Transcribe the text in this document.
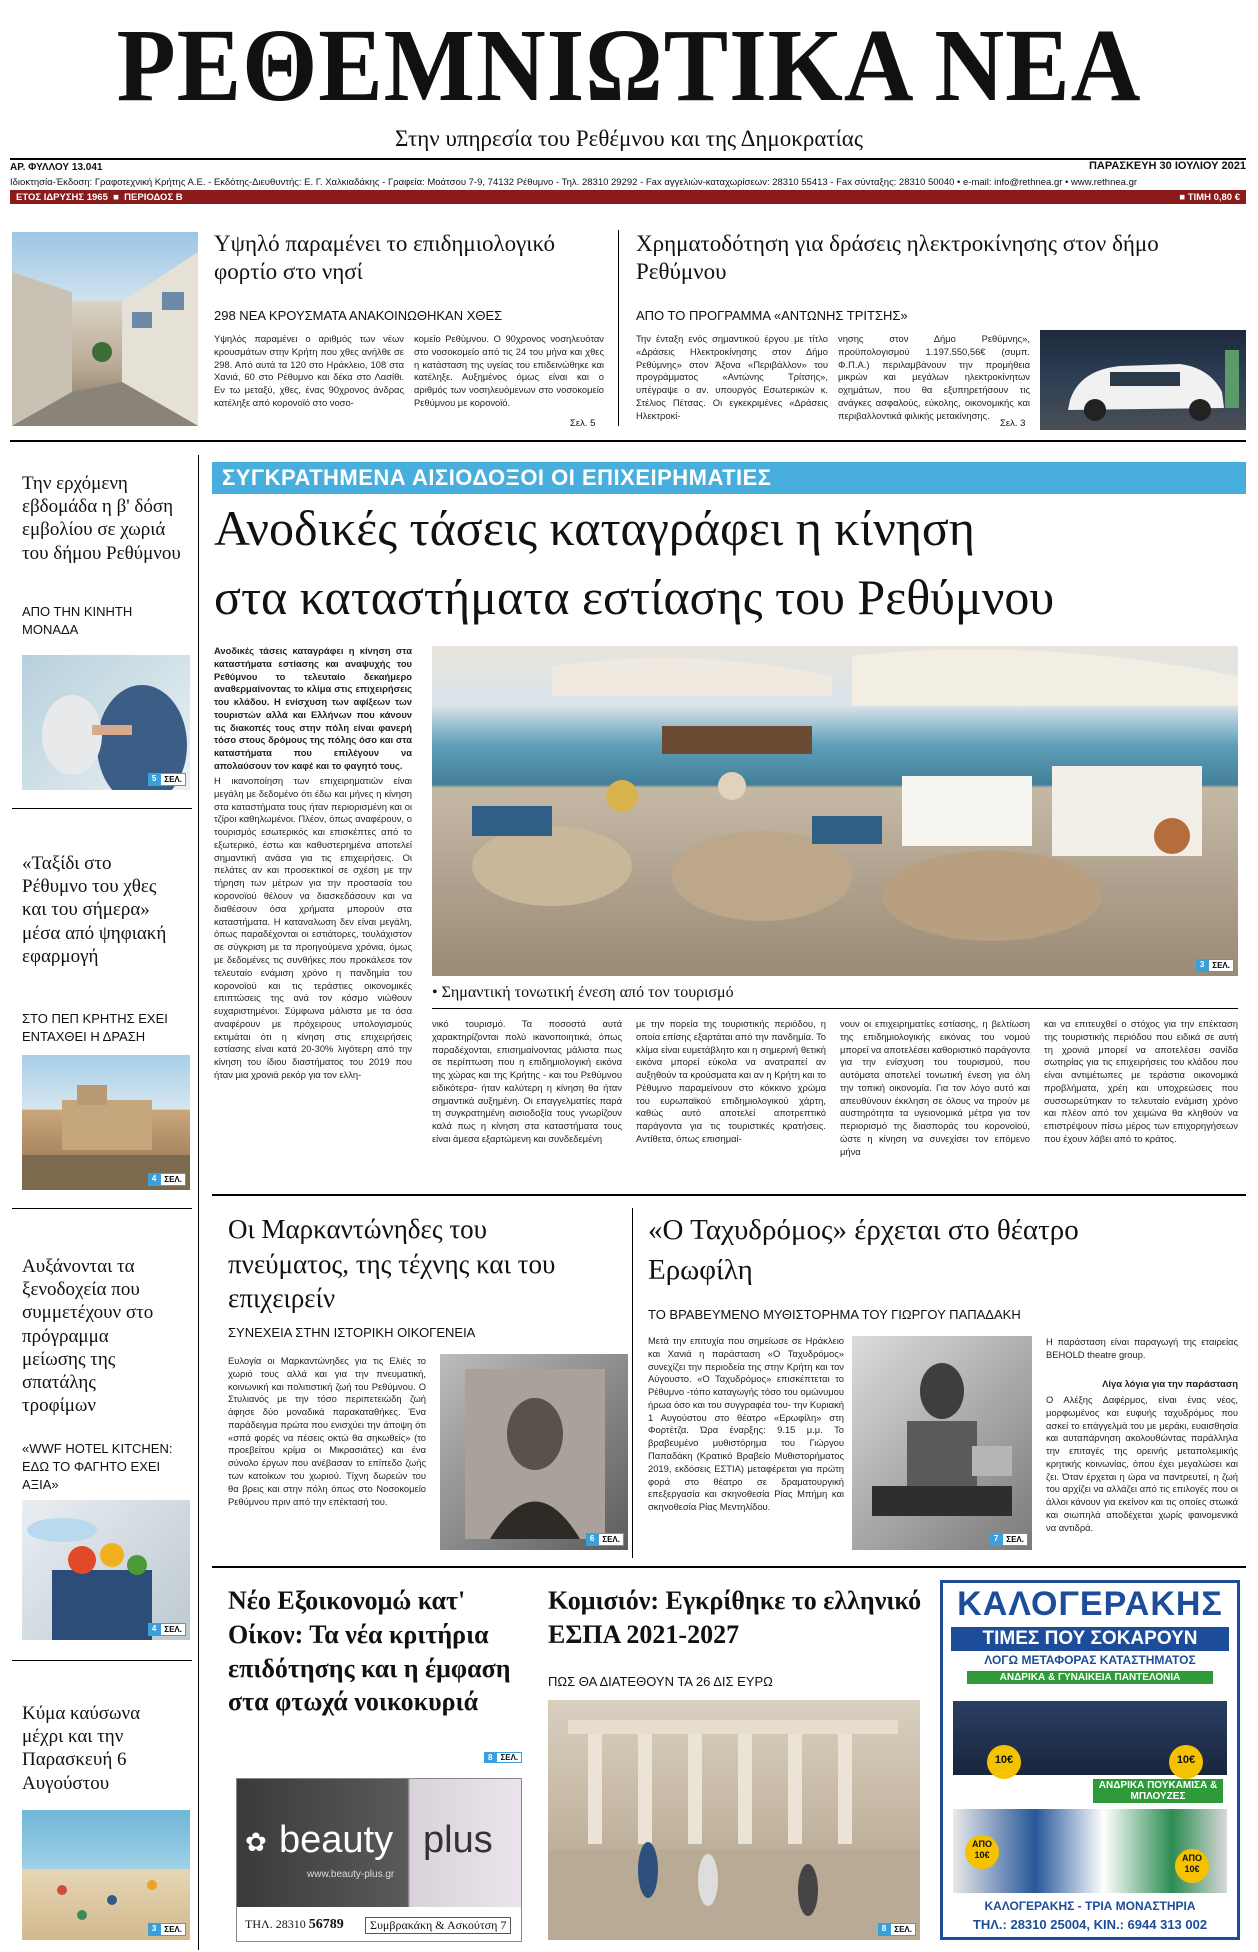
ΡΕΘΕΜΝΙΩΤΙΚΑ ΝΕΑ
Στην υπηρεσία του Ρεθέμνου και της Δημοκρατίας
ΑΡ. ΦΥΛΛΟΥ 13.041	ΠΑΡΑΣΚΕΥΗ 30 ΙΟΥΛΙΟΥ 2021
Ιδιοκτησία-Έκδοση: Γραφοτεχνική Κρήτης Α.Ε. - Εκδότης-Διευθυντής: Ε. Γ. Χαλκιαδάκης - Γραφεία: Μοάτσου 7-9, 74132 Ρέθυμνο - Τηλ. 28310 29292 - Fax αγγελιών-καταχωρίσεων: 28310 55413 - Fax σύνταξης: 28310 50040 • e-mail: info@rethnea.gr • www.rethnea.gr
ΕΤΟΣ ΙΔΡΥΣΗΣ 1965  ■  ΠΕΡΙΟΔΟΣ Β	■ ΤΙΜΗ 0,80 €
Υψηλό παραμένει το επιδημιολογικό φορτίο στο νησί
298 ΝΕΑ ΚΡΟΥΣΜΑΤΑ ΑΝΑΚΟΙΝΩΘΗΚΑΝ ΧΘΕΣ
Υψηλός παραμένει ο αριθμός των νέων κρουσμάτων στην Κρήτη που χθες ανήλθε σε 298. Από αυτά τα 120 στο Ηράκλειο, 108 στα Χανιά, 60 στο Ρέθυμνο και δέκα στο Λασίθι. Εν τω μεταξύ, χθες, ένας 90χρονος άνδρας κατέληξε από κορονοϊό στο νοσο-
κομείο Ρεθύμνου. Ο 90χρονος νοσηλευόταν στο νοσοκομείο από τις 24 του μήνα και χθες η κατάσταση της υγείας του επιδεινώθηκε και κατέληξε. Αυξημένος όμως είναι και ο αριθμός των νοσηλευόμενων στο νοσοκομείο Ρεθύμνου με κορονοϊό.
Σελ. 5
Χρηματοδότηση για δράσεις ηλεκτροκίνησης στον δήμο Ρεθύμνου
ΑΠΟ ΤΟ ΠΡΟΓΡΑΜΜΑ «ΑΝΤΩΝΗΣ ΤΡΙΤΣΗΣ»
Την ένταξη ενός σημαντικού έργου με τίτλο «Δράσεις Ηλεκτροκίνησης στον Δήμο Ρεθύμνης» στον Άξονα «Περιβάλλον» του προγράμματος «Αντώνης Τρίτσης», υπέγραψε ο αν. υπουργός Εσωτερικών κ. Στέλιος Πέτσας. Οι εγκεκριμένες «Δράσεις Ηλεκτροκί-
νησης στον Δήμο Ρεθύμνης», προϋπολογισμού 1.197.550,56€ (συμπ. Φ.Π.Α.) περιλαμβάνουν την προμήθεια μικρών και μεγάλων ηλεκτροκίνητων οχημάτων, που θα εξυπηρετήσουν τις ανάγκες ασφαλούς, εύκολης, οικονομικής και περιβαλλοντικά φιλικής μετακίνησης.
Σελ. 3
Την ερχόμενη εβδομάδα η β' δόση εμβολίου σε χωριά του δήμου Ρεθύμνου
ΑΠΟ ΤΗΝ ΚΙΝΗΤΗ ΜΟΝΑΔΑ
5	ΣΕΛ.
«Ταξίδι στο Ρέθυμνο του χθες και του σήμερα» μέσα από ψηφιακή εφαρμογή
ΣΤΟ ΠΕΠ ΚΡΗΤΗΣ ΕΧΕΙ ΕΝΤΑΧΘΕΙ Η ΔΡΑΣΗ
4	ΣΕΛ.
Αυξάνονται τα ξενοδοχεία που συμμετέχουν στο πρόγραμμα μείωσης της σπατάλης τροφίμων
«WWF HOTEL KITCHEN: ΕΔΩ ΤΟ ΦΑΓΗΤΟ ΕΧΕΙ ΑΞΙΑ»
4	ΣΕΛ.
Κύμα καύσωνα μέχρι και την Παρασκευή 6 Αυγούστου
3	ΣΕΛ.
ΣΥΓΚΡΑΤΗΜΕΝΑ ΑΙΣΙΟΔΟΞΟΙ ΟΙ ΕΠΙΧΕΙΡΗΜΑΤΙΕΣ
Ανοδικές τάσεις καταγράφει η κίνηση
στα καταστήματα εστίασης του Ρεθύμνου
Ανοδικές τάσεις καταγράφει η κίνηση στα καταστήματα εστίασης και αναψυχής του Ρεθύμνου το τελευταίο δεκαήμερο αναθερμαίνοντας το κλίμα στις επιχειρήσεις του κλάδου. Η ενίσχυση των αφίξεων των τουριστών αλλά και Ελλήνων που κάνουν τις διακοπές τους στην πόλη είναι φανερή τόσο στους δρόμους της πόλης όσο και στα καταστήματα που επιλέγουν να απολαύσουν τον καφέ και το φαγητό τους.
Η ικανοποίηση των επιχειρηματιών είναι μεγάλη με δεδομένο ότι έδω και μήνες η κίνηση στα καταστήματα τους ήταν περιορισμένη και οι τζίροι καθηλωμένοι. Πλέον, όπως αναφέρουν, ο τουρισμός εσωτερικός και επισκέπτες από το εξωτερικό, έστω και καθυστερημένα αποτελεί σημαντική ανάσα για τις επιχειρήσεις. Οι πελάτες αν και προσεκτικοί σε σχέση με την τήρηση των μέτρων για την προστασία του κορονοϊού θέλουν να διασκεδάσουν και να διαθέσουν όσα χρήματα μπορούν στα καταστήματα. Η καταναλωση δεν είναι μεγάλη, όπως παραδέχονται οι εστιάτορες, τουλάχιστον σε σύγκριση με τα προηγούμενα χρόνια, όμως με δεδομένες τις συνθήκες που προκάλεσε τον τελευταίο ενάμιση χρόνο η πανδημία του κορονοϊού και τις τεράστιες οικονομικές επιπτώσεις της ανά τον κόσμο νιώθουν ευχαριστημένοι. Σύμφωνα μάλιστα με τα όσα αναφέρουν με πρόχειρους υπολογισμούς εκτιμάται ότι η κίνηση στις επιχειρήσεις εστίασης είναι κατά 20-30% λιγότερη από την κίνηση του ίδιου διαστήματος του 2019 που ήταν μια χρονιά ρεκόρ για τον ελλη-
3	ΣΕΛ.
• Σημαντική τονωτική ένεση από τον τουρισμό
νικό τουρισμό. Τα ποσοστά αυτά χαρακτηρίζονται πολύ ικανοποιητικά, όπως παραδέχονται, επισημαίνοντας μάλιστα πως σε περίπτωση που η επιδημιολογική εικόνα της χώρας και της Κρήτης - και του Ρεθύμνου ειδικότερα- ήταν καλύτερη η κίνηση θα ήταν σημαντικά αυξημένη. Οι επαγγελματίες παρά τη συγκρατημένη αισιοδοξία τους γνωρίζουν καλά πως η κίνηση στα καταστήματα τους είναι άμεσα εξαρτώμενη και συνδεδεμένη
με την πορεία της τουριστικής περιόδου, η οποία επίσης εξαρτάται από την πανδημία. Το κλίμα είναι ευμετάβλητο και η σημερινή θετική εικόνα μπορεί εύκολα να ανατραπεί αν αυξηθούν τα κρούσματα και αν η Κρήτη και το Ρέθυμνο παραμείνουν στο κόκκινο χρώμα του ευρωπαϊκού επιδημιολογικού χάρτη, καθώς αυτό αποτελεί αποτρεπτικό παράγοντα για τις τουριστικές κρατήσεις. Αντίθετα, όπως επισημαί-
νουν οι επιχειρηματίες εστίασης, η βελτίωση της επιδημιολογικής εικόνας του νομού μπορεί να αποτελέσει καθοριστικό παράγοντα για την ενίσχυση του τουρισμού, που αυτόματα αποτελεί τονωτική ένεση για όλη την τοπική οικονομία. Για τον λόγο αυτό και απευθύνουν έκκληση σε όλους να τηρούν με αυστηρότητα τα υγειονομικά μέτρα για τον περιορισμό της διασποράς του κορονοϊού, ώστε η κίνηση να συνεχίσει τον επόμενο μήνα
και να επιτευχθεί ο στόχος για την επέκταση της τουριστικής περιόδου που ειδικά σε αυτή τη χρονιά μπορεί να αποτελέσει σανίδα σωτηρίας για τις επιχειρήσεις του κλάδου που είναι αντιμέτωπες με τεράστια οικονομικά προβλήματα, χρέη και υποχρεώσεις που συσσωρεύτηκαν το τελευταίο ενάμιση χρόνο και πλέον από τον χειμώνα θα κληθούν να επιστρέψουν πίσω μέρος των επιχορηγήσεων που έχουν λάβει από το κράτος.
Οι Μαρκαντώνηδες του πνεύματος, της τέχνης και του επιχειρείν
ΣΥΝΕΧΕΙΑ ΣΤΗΝ ΙΣΤΟΡΙΚΗ ΟΙΚΟΓΕΝΕΙΑ
Ευλογία οι Μαρκαντώνηδες για τις Ελιές το χωριό τους αλλά και για την πνευματική, κοινωνική και πολιτιστική ζωή του Ρεθύμνου. Ο Στυλιανός με την τόσο περιπετειώδη ζωή άφησε δύο μοναδικά παρακαταθήκες. Ένα παράδειγμα πρώτα που ενισχύει την άποψη ότι «σπά φορές να πέσεις οκτώ θα σηκωθείς» (το προεβείτου κρίμα οι Μικρασιάτες) και ένα σύνολο έργων που ανέβασαν το επίπεδο ζωής των κατοίκων του χωριού. Τίχνη δωρεών του θα βρεις και στην πόλη όπως στο Νοσοκομείο Ρεθύμνου πριν από την επέκτασή του.
6	ΣΕΛ.
«Ο Ταχυδρόμος» έρχεται στο θέατρο
Ερωφίλη
ΤΟ ΒΡΑΒΕΥΜΕΝΟ ΜΥΘΙΣΤΟΡΗΜΑ ΤΟΥ ΓΙΩΡΓΟΥ ΠΑΠΑΔΑΚΗ
Μετά την επιτυχία που σημείωσε σε Ηράκλειο και Χανιά η παράσταση «Ο Ταχυδρόμος» συνεχίζει την περιοδεία της στην Κρήτη και τον Αύγουστο. «Ο Ταχυδρόμος» επισκέπτεται το Ρέθυμνο -τόπο καταγωγής τόσο του ομώνυμου ήρωα όσο και του συγγραφέα του- την Κυριακή 1 Αυγούστου στο θέατρο «Ερωφίλη» στη Φορτέτζα. Ώρα έναρξης: 9.15 μ.μ. Το βραβευμένο μυθιστόρημα του Γιώργου Παπαδάκη (Κρατικό Βραβείο Μυθιστορήματος 2019, εκδόσεις ΕΣΤΙΑ) μεταφέρεται για πρώτη φορά στο θέατρο σε δραματουργική επεξεργασία και σκηνοθεσία Ρίας Μπήμη και σκηνοθεσία Ρίας Μεντηλίδου.
7	ΣΕΛ.
Η παράσταση είναι παραγωγή της εταιρείας BEHOLD theatre group.
Λίγα λόγια για την παράσταση
Ο Αλέξης Δαφέρμος, είναι ένας νέος, μορφωμένος και ευφυής ταχυδρόμος που ασκεί το επάγγελμά του με μεράκι, ευαισθησία και αυταπάρνηση ακολουθώντας παράλληλα την επιταγές της ορεινής μεταπολεμικής κρητικής κοινωνίας, όπου έχει μεγαλώσει και ζει. Όταν έρχεται η ώρα να παντρευτεί, η ζωή του αρχίζει να αλλάζει από τις επιλογές που οι άλλοι κάνουν για εκείνον και τις οποίες στωικά και σιωπηλά αποδέχεται χωρίς φαινομενικά να αντιδρά.
Νέο Εξοικονομώ κατ' Οίκον: Τα νέα κριτήρια επιδότησης και η έμφαση στα φτωχά νοικοκυριά
8	ΣΕΛ.
✿ beauty plus
www.beauty-plus.gr
ΤΗΛ. 28310 56789	Συμβρακάκη & Ασκούτση 7
Κομισιόν: Εγκρίθηκε το ελληνικό ΕΣΠΑ 2021-2027
ΠΩΣ ΘΑ ΔΙΑΤΕΘΟΥΝ ΤΑ 26 ΔΙΣ ΕΥΡΩ
8	ΣΕΛ.
ΚΑΛΟΓΕΡΑΚΗΣ
ΤΙΜΕΣ ΠΟΥ ΣΟΚΑΡΟΥΝ
ΛΟΓΩ ΜΕΤΑΦΟΡΑΣ ΚΑΤΑΣΤΗΜΑΤΟΣ
ΑΝΔΡΙΚΑ & ΓΥΝΑΙΚΕΙΑ ΠΑΝΤΕΛΟΝΙΑ
10€	10€
ΑΝΔΡΙΚΑ ΠΟΥΚΑΜΙΣΑ & ΜΠΛΟΥΖΕΣ
ΑΠΟ
10€	ΑΠΟ
10€
ΚΑΛΟΓΕΡΑΚΗΣ - ΤΡΙΑ ΜΟΝΑΣΤΗΡΙΑ
ΤΗΛ.: 28310 25004, ΚΙΝ.: 6944 313 002
